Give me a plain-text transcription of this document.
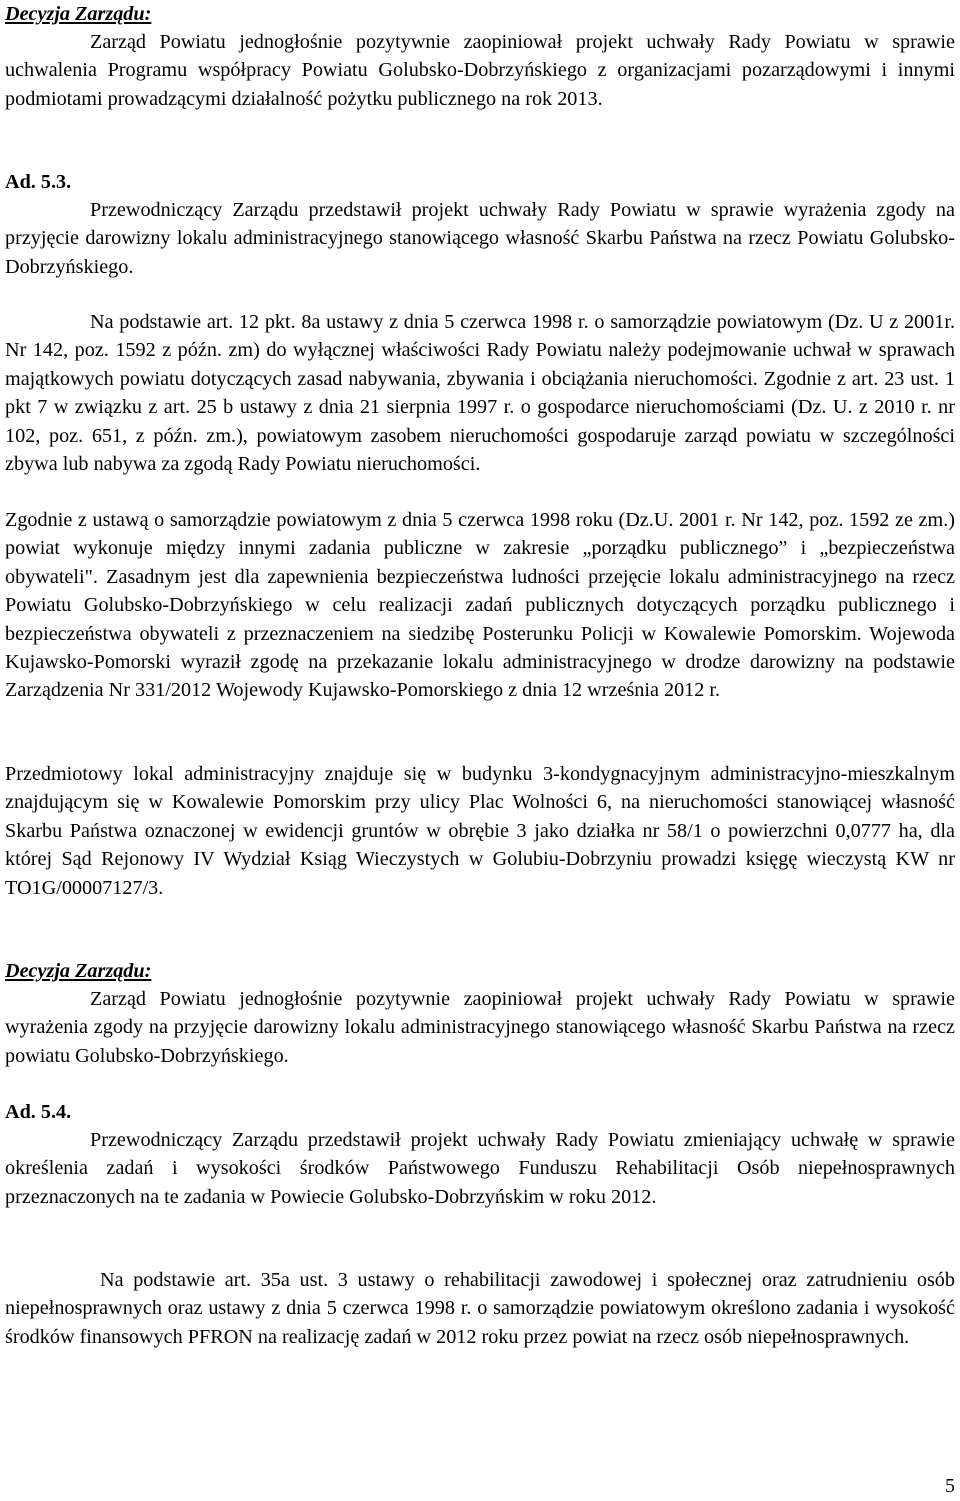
Decyzja Zarządu:

Zarząd Powiatu jednogłośnie pozytywnie zaopiniował projekt uchwały Rady Powiatu w sprawie uchwalenia Programu współpracy Powiatu Golubsko-Dobrzyńskiego z organizacjami pozarządowymi i innymi podmiotami prowadzącymi działalność pożytku publicznego na rok 2013.

Ad. 5.3.

Przewodniczący Zarządu przedstawił projekt uchwały Rady Powiatu w sprawie wyrażenia zgody na przyjęcie darowizny lokalu administracyjnego stanowiącego własność Skarbu Państwa na rzecz Powiatu Golubsko-Dobrzyńskiego.

Na podstawie art. 12 pkt. 8a ustawy z dnia 5 czerwca 1998 r. o samorządzie powiatowym (Dz. U z 2001r. Nr 142, poz. 1592 z późn. zm) do wyłącznej właściwości Rady Powiatu należy podejmowanie uchwał w sprawach majątkowych powiatu dotyczących zasad nabywania, zbywania i obciążania nieruchomości. Zgodnie z art. 23 ust. 1 pkt 7 w związku z art. 25 b ustawy z dnia 21 sierpnia 1997 r. o gospodarce nieruchomościami (Dz. U. z 2010 r. nr 102, poz. 651, z późn. zm.), powiatowym zasobem nieruchomości gospodaruje zarząd powiatu w szczególności zbywa lub nabywa za zgodą Rady Powiatu nieruchomości.

Zgodnie z ustawą o samorządzie powiatowym z dnia 5 czerwca 1998 roku (Dz.U. 2001 r. Nr 142, poz. 1592 ze zm.) powiat wykonuje między innymi zadania publiczne w zakresie „porządku publicznego” i „bezpieczeństwa obywateli". Zasadnym jest dla zapewnienia bezpieczeństwa ludności przejęcie lokalu administracyjnego na rzecz Powiatu Golubsko-Dobrzyńskiego w celu realizacji zadań publicznych dotyczących porządku publicznego i bezpieczeństwa obywateli z przeznaczeniem na siedzibę Posterunku Policji w Kowalewie Pomorskim. Wojewoda Kujawsko-Pomorski wyraził zgodę na przekazanie lokalu administracyjnego w drodze darowizny na podstawie Zarządzenia Nr 331/2012 Wojewody Kujawsko-Pomorskiego z dnia 12 września 2012 r.

Przedmiotowy lokal administracyjny znajduje się w budynku 3-kondygnacyjnym administracyjno-mieszkalnym znajdującym się w Kowalewie Pomorskim przy ulicy Plac Wolności 6, na nieruchomości stanowiącej własność Skarbu Państwa oznaczonej w ewidencji gruntów w obrębie 3 jako działka nr 58/1 o powierzchni 0,0777 ha, dla której Sąd Rejonowy IV Wydział Ksiąg Wieczystych w Golubiu-Dobrzyniu prowadzi księgę wieczystą KW nr TO1G/00007127/3.

Decyzja Zarządu:

Zarząd Powiatu jednogłośnie pozytywnie zaopiniował projekt uchwały Rady Powiatu w sprawie wyrażenia zgody na przyjęcie darowizny lokalu administracyjnego stanowiącego własność Skarbu Państwa na rzecz powiatu Golubsko-Dobrzyńskiego.

Ad. 5.4.

Przewodniczący Zarządu przedstawił projekt uchwały Rady Powiatu zmieniający uchwałę w sprawie określenia zadań i wysokości środków Państwowego Funduszu Rehabilitacji Osób niepełnosprawnych przeznaczonych na te zadania w Powiecie Golubsko-Dobrzyńskim w roku 2012.

Na podstawie art. 35a ust. 3 ustawy o rehabilitacji zawodowej i społecznej oraz zatrudnieniu osób niepełnosprawnych oraz ustawy z dnia 5 czerwca 1998 r. o samorządzie powiatowym określono zadania i wysokość środków finansowych PFRON na realizację zadań w 2012 roku przez powiat na rzecz osób niepełnosprawnych.

5
